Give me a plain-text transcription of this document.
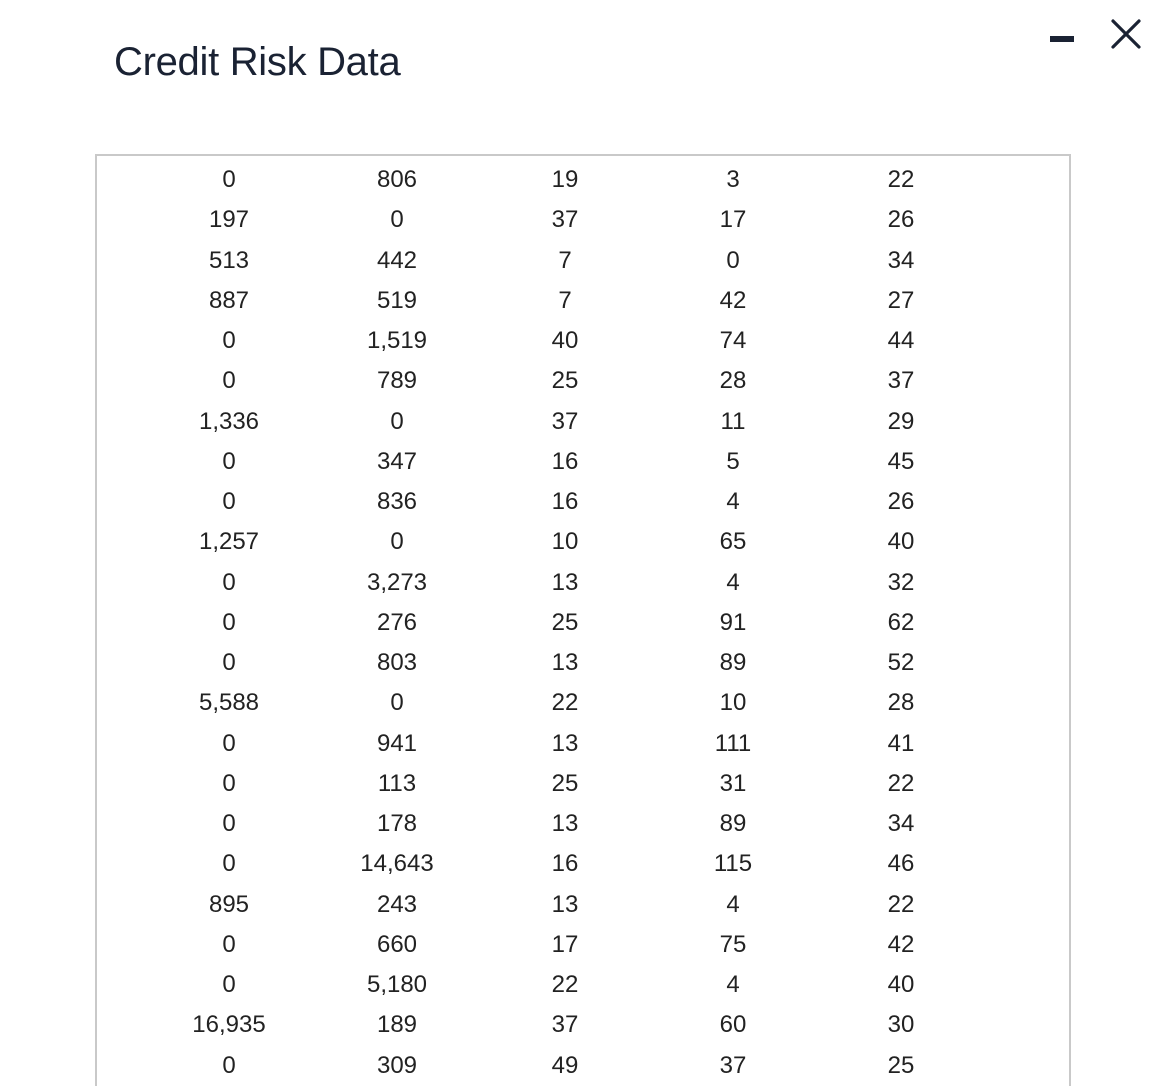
Credit Risk Data
0	806	19	3	22
197	0	37	17	26
513	442	7	0	34
887	519	7	42	27
0	1,519	40	74	44
0	789	25	28	37
1,336	0	37	11	29
0	347	16	5	45
0	836	16	4	26
1,257	0	10	65	40
0	3,273	13	4	32
0	276	25	91	62
0	803	13	89	52
5,588	0	22	10	28
0	941	13	111	41
0	113	25	31	22
0	178	13	89	34
0	14,643	16	115	46
895	243	13	4	22
0	660	17	75	42
0	5,180	22	4	40
16,935	189	37	60	30
0	309	49	37	25
